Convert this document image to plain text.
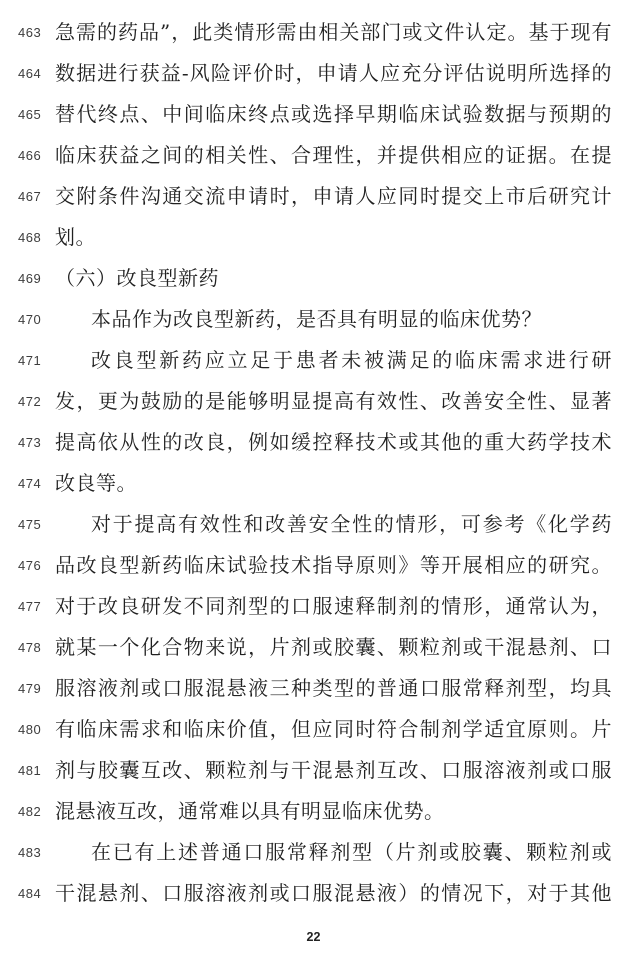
463 急需的药品”，此类情形需由相关部门或文件认定。基于现有
464 数据进行获益-风险评价时，申请人应充分评估说明所选择的
465 替代终点、中间临床终点或选择早期临床试验数据与预期的
466 临床获益之间的相关性、合理性，并提供相应的证据。在提
467 交附条件沟通交流申请时，申请人应同时提交上市后研究计
468 划。
469 （六）改良型新药
470	本品作为改良型新药，是否具有明显的临床优势？
471	改良型新药应立足于患者未被满足的临床需求进行研
472 发，更为鼓励的是能够明显提高有效性、改善安全性、显著
473 提高依从性的改良，例如缓控释技术或其他的重大药学技术
474 改良等。
475	对于提高有效性和改善安全性的情形，可参考《化学药
476 品改良型新药临床试验技术指导原则》等开展相应的研究。
477 对于改良研发不同剂型的口服速释制剂的情形，通常认为，
478 就某一个化合物来说，片剂或胶囊、颗粒剂或干混悬剂、口
479 服溶液剂或口服混悬液三种类型的普通口服常释剂型，均具
480 有临床需求和临床价值，但应同时符合制剂学适宜原则。片
481 剂与胶囊互改、颗粒剂与干混悬剂互改、口服溶液剂或口服
482 混悬液互改，通常难以具有明显临床优势。
483	在已有上述普通口服常释剂型（片剂或胶囊、颗粒剂或
484 干混悬剂、口服溶液剂或口服混悬液）的情况下，对于其他
22
